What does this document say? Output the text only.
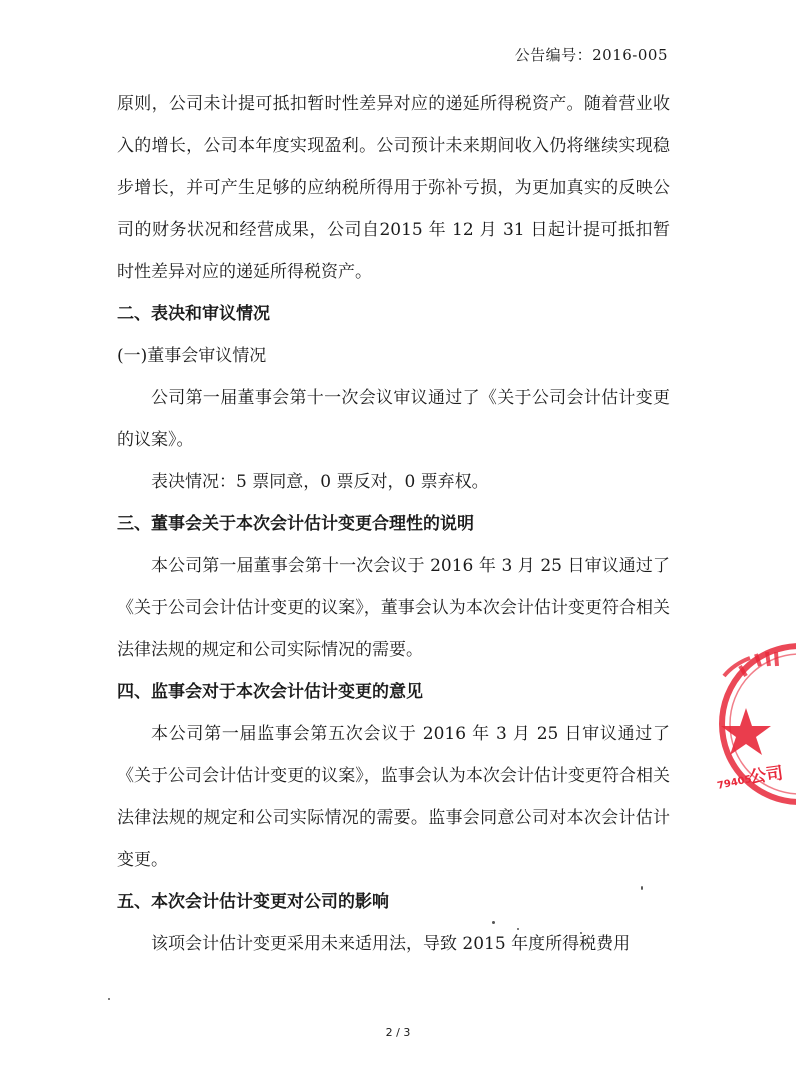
公告编号：2016-005

原则，公司未计提可抵扣暂时性差异对应的递延所得税资产。随着营业收入的增长，公司本年度实现盈利。公司预计未来期间收入仍将继续实现稳步增长，并可产生足够的应纳税所得用于弥补亏损，为更加真实的反映公司的财务状况和经营成果，公司自2015 年 12 月 31 日起计提可抵扣暂时性差异对应的递延所得税资产。

二、表决和审议情况

(一)董事会审议情况

公司第一届董事会第十一次会议审议通过了《关于公司会计估计变更的议案》。

表决情况：5 票同意，0 票反对，0 票弃权。

三、董事会关于本次会计估计变更合理性的说明

本公司第一届董事会第十一次会议于 2016 年 3 月 25 日审议通过了《关于公司会计估计变更的议案》，董事会认为本次会计估计变更符合相关法律法规的规定和公司实际情况的需要。

四、监事会对于本次会计估计变更的意见

本公司第一届监事会第五次会议于 2016 年 3 月 25 日审议通过了《关于公司会计估计变更的议案》，监事会认为本次会计估计变更符合相关法律法规的规定和公司实际情况的需要。监事会同意公司对本次会计估计变更。

五、本次会计估计变更对公司的影响

该项会计估计变更采用未来适用法，导致 2015 年度所得税费用

79405
公司
2 / 3
